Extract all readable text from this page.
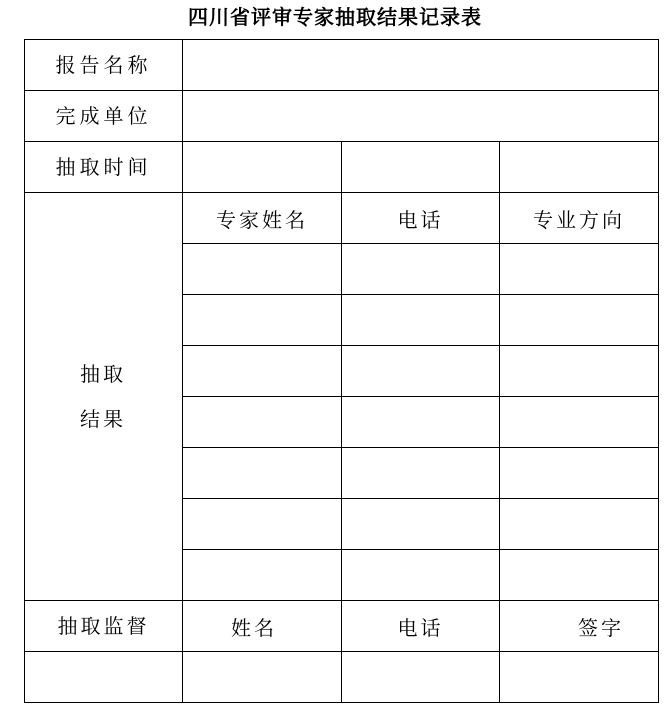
四川省评审专家抽取结果记录表
报告名称
完成单位
抽取时间
抽取
结果
专家姓名	电话	专业方向
抽取监督	姓名	电话	签字
